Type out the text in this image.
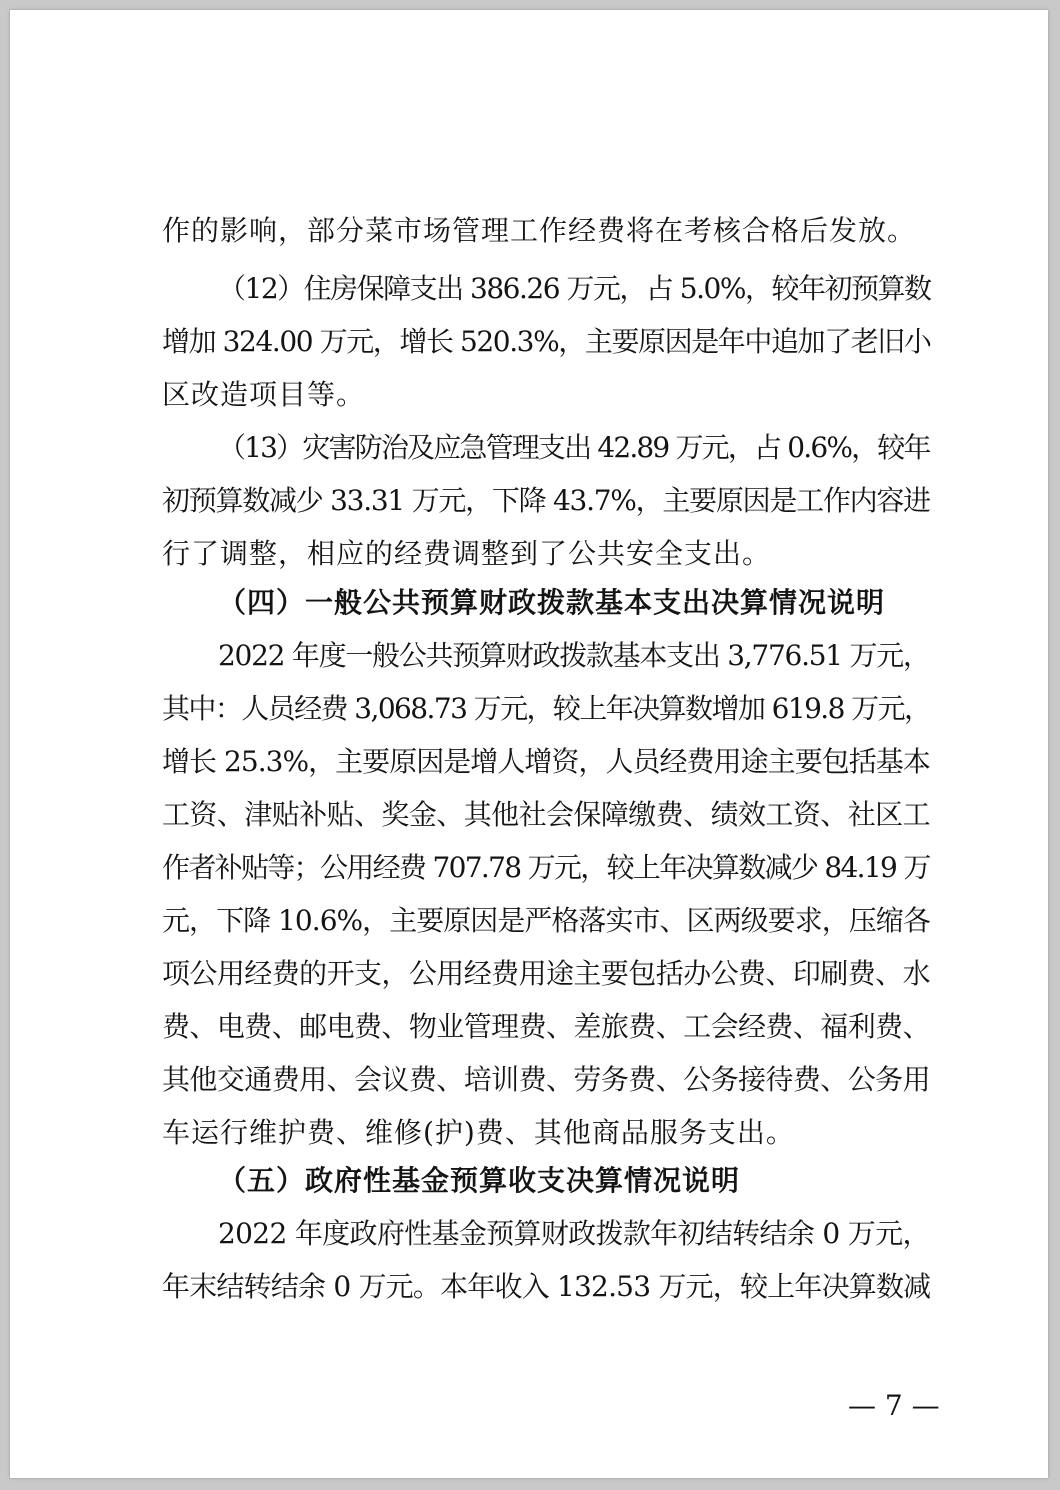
作的影响，部分菜市场管理工作经费将在考核合格后发放。
（12）住房保障支出 386.26 万元，占 5.0%，较年初预算数
增加 324.00 万元，增长 520.3%，主要原因是年中追加了老旧小
区改造项目等。
（13）灾害防治及应急管理支出 42.89 万元，占 0.6%，较年
初预算数减少 33.31 万元，下降 43.7%，主要原因是工作内容进
行了调整，相应的经费调整到了公共安全支出。
（四）一般公共预算财政拨款基本支出决算情况说明
2022 年度一般公共预算财政拨款基本支出 3,776.51 万元，
其中：人员经费 3,068.73 万元，较上年决算数增加 619.8 万元，
增长 25.3%，主要原因是增人增资，人员经费用途主要包括基本
工资、津贴补贴、奖金、其他社会保障缴费、绩效工资、社区工
作者补贴等；公用经费 707.78 万元，较上年决算数减少 84.19 万
元，下降 10.6%，主要原因是严格落实市、区两级要求，压缩各
项公用经费的开支，公用经费用途主要包括办公费、印刷费、水
费、电费、邮电费、物业管理费、差旅费、工会经费、福利费、
其他交通费用、会议费、培训费、劳务费、公务接待费、公务用
车运行维护费、维修(护)费、其他商品服务支出。
（五）政府性基金预算收支决算情况说明
2022 年度政府性基金预算财政拨款年初结转结余 0 万元，
年末结转结余 0 万元。本年收入 132.53 万元，较上年决算数减
— 7 —
